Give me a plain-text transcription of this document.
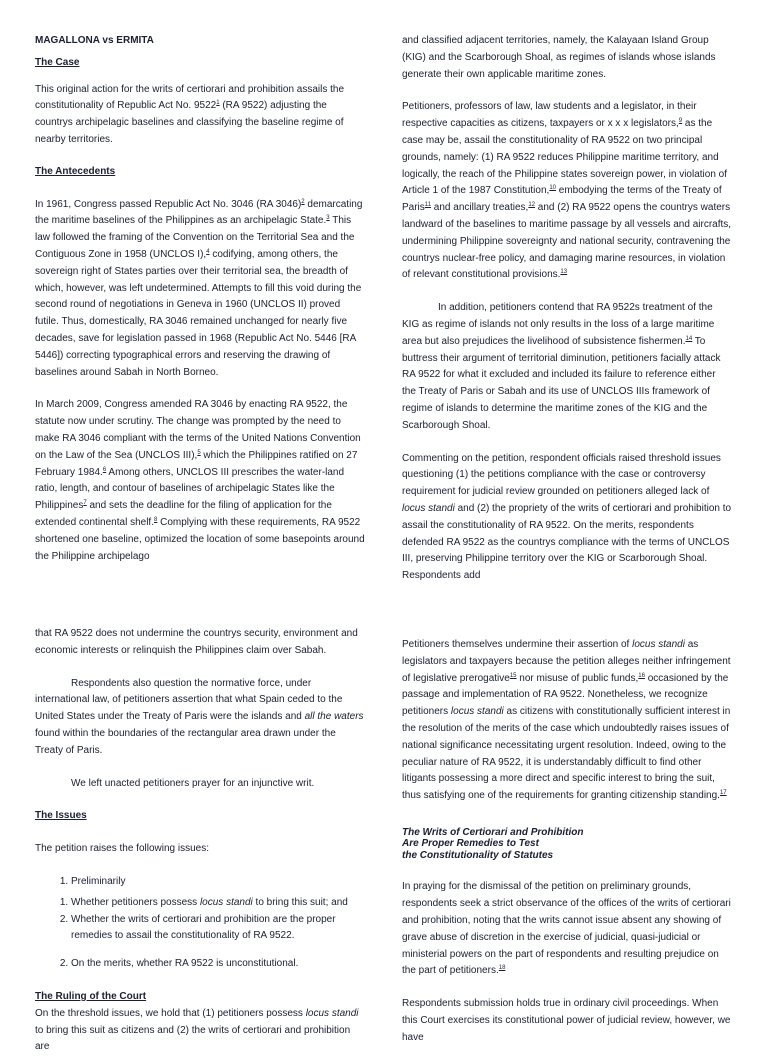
MAGALLONA vs ERMITA

The Case

This original action for the writs of certiorari and prohibition assails the constitutionality of Republic Act No. 9522$^1$ (RA 9522) adjusting the countrys archipelagic baselines and classifying the baseline regime of nearby territories.

The Antecedents

In 1961, Congress passed Republic Act No. 3046 (RA 3046)$^2$ demarcating the maritime baselines of the Philippines as an archipelagic State.$^3$ This law followed the framing of the Convention on the Territorial Sea and the Contiguous Zone in 1958 (UNCLOS I),$^4$ codifying, among others, the sovereign right of States parties over their territorial sea, the breadth of which, however, was left undetermined. Attempts to fill this void during the second round of negotiations in Geneva in 1960 (UNCLOS II) proved futile. Thus, domestically, RA 3046 remained unchanged for nearly five decades, save for legislation passed in 1968 (Republic Act No. 5446 [RA 5446]) correcting typographical errors and reserving the drawing of baselines around Sabah in North Borneo.

In March 2009, Congress amended RA 3046 by enacting RA 9522, the statute now under scrutiny. The change was prompted by the need to make RA 3046 compliant with the terms of the United Nations Convention on the Law of the Sea (UNCLOS III),$^5$ which the Philippines ratified on 27 February 1984.$^6$ Among others, UNCLOS III prescribes the water-land ratio, length, and contour of baselines of archipelagic States like the Philippines$^7$ and sets the deadline for the filing of application for the extended continental shelf.$^8$ Complying with these requirements, RA 9522 shortened one baseline, optimized the location of some basepoints around the Philippine archipelago

and classified adjacent territories, namely, the Kalayaan Island Group (KIG) and the Scarborough Shoal, as regimes of islands whose islands generate their own applicable maritime zones.

Petitioners, professors of law, law students and a legislator, in their respective capacities as citizens, taxpayers or x x x legislators,$^9$ as the case may be, assail the constitutionality of RA 9522 on two principal grounds, namely: (1) RA 9522 reduces Philippine maritime territory, and logically, the reach of the Philippine states sovereign power, in violation of Article 1 of the 1987 Constitution,$^{10}$ embodying the terms of the Treaty of Paris$^{11}$ and ancillary treaties,$^{12}$ and (2) RA 9522 opens the countrys waters landward of the baselines to maritime passage by all vessels and aircrafts, undermining Philippine sovereignty and national security, contravening the countrys nuclear-free policy, and damaging marine resources, in violation of relevant constitutional provisions.$^{13}$

In addition, petitioners contend that RA 9522s treatment of the KIG as regime of islands not only results in the loss of a large maritime area but also prejudices the livelihood of subsistence fishermen.$^{14}$ To buttress their argument of territorial diminution, petitioners facially attack RA 9522 for what it excluded and included its failure to reference either the Treaty of Paris or Sabah and its use of UNCLOS IIIs framework of regime of islands to determine the maritime zones of the KIG and the Scarborough Shoal.

Commenting on the petition, respondent officials raised threshold issues questioning (1) the petitions compliance with the case or controversy requirement for judicial review grounded on petitioners alleged lack of locus standi and (2) the propriety of the writs of certiorari and prohibition to assail the constitutionality of RA 9522. On the merits, respondents defended RA 9522 as the countrys compliance with the terms of UNCLOS III, preserving Philippine territory over the KIG or Scarborough Shoal. Respondents add

that RA 9522 does not undermine the countrys security, environment and economic interests or relinquish the Philippines claim over Sabah.

Respondents also question the normative force, under international law, of petitioners assertion that what Spain ceded to the United States under the Treaty of Paris were the islands and all the waters found within the boundaries of the rectangular area drawn under the Treaty of Paris.

We left unacted petitioners prayer for an injunctive writ.

The Issues

The petition raises the following issues:

1. Preliminarily
1. Whether petitioners possess locus standi to bring this suit; and
2. Whether the writs of certiorari and prohibition are the proper remedies to assail the constitutionality of RA 9522.
2. On the merits, whether RA 9522 is unconstitutional.

The Ruling of the Court

On the threshold issues, we hold that (1) petitioners possess locus standi to bring this suit as citizens and (2) the writs of certiorari and prohibition are

Petitioners themselves undermine their assertion of locus standi as legislators and taxpayers because the petition alleges neither infringement of legislative prerogative$^{15}$ nor misuse of public funds,$^{16}$ occasioned by the passage and implementation of RA 9522. Nonetheless, we recognize petitioners locus standi as citizens with constitutionally sufficient interest in the resolution of the merits of the case which undoubtedly raises issues of national significance necessitating urgent resolution. Indeed, owing to the peculiar nature of RA 9522, it is understandably difficult to find other litigants possessing a more direct and specific interest to bring the suit, thus satisfying one of the requirements for granting citizenship standing.$^{17}$

The Writs of Certiorari and Prohibition

Are Proper Remedies to Test

the Constitutionality of Statutes

In praying for the dismissal of the petition on preliminary grounds, respondents seek a strict observance of the offices of the writs of certiorari and prohibition, noting that the writs cannot issue absent any showing of grave abuse of discretion in the exercise of judicial, quasi-judicial or ministerial powers on the part of respondents and resulting prejudice on the part of petitioners.$^{18}$

Respondents submission holds true in ordinary civil proceedings. When this Court exercises its constitutional power of judicial review, however, we have
